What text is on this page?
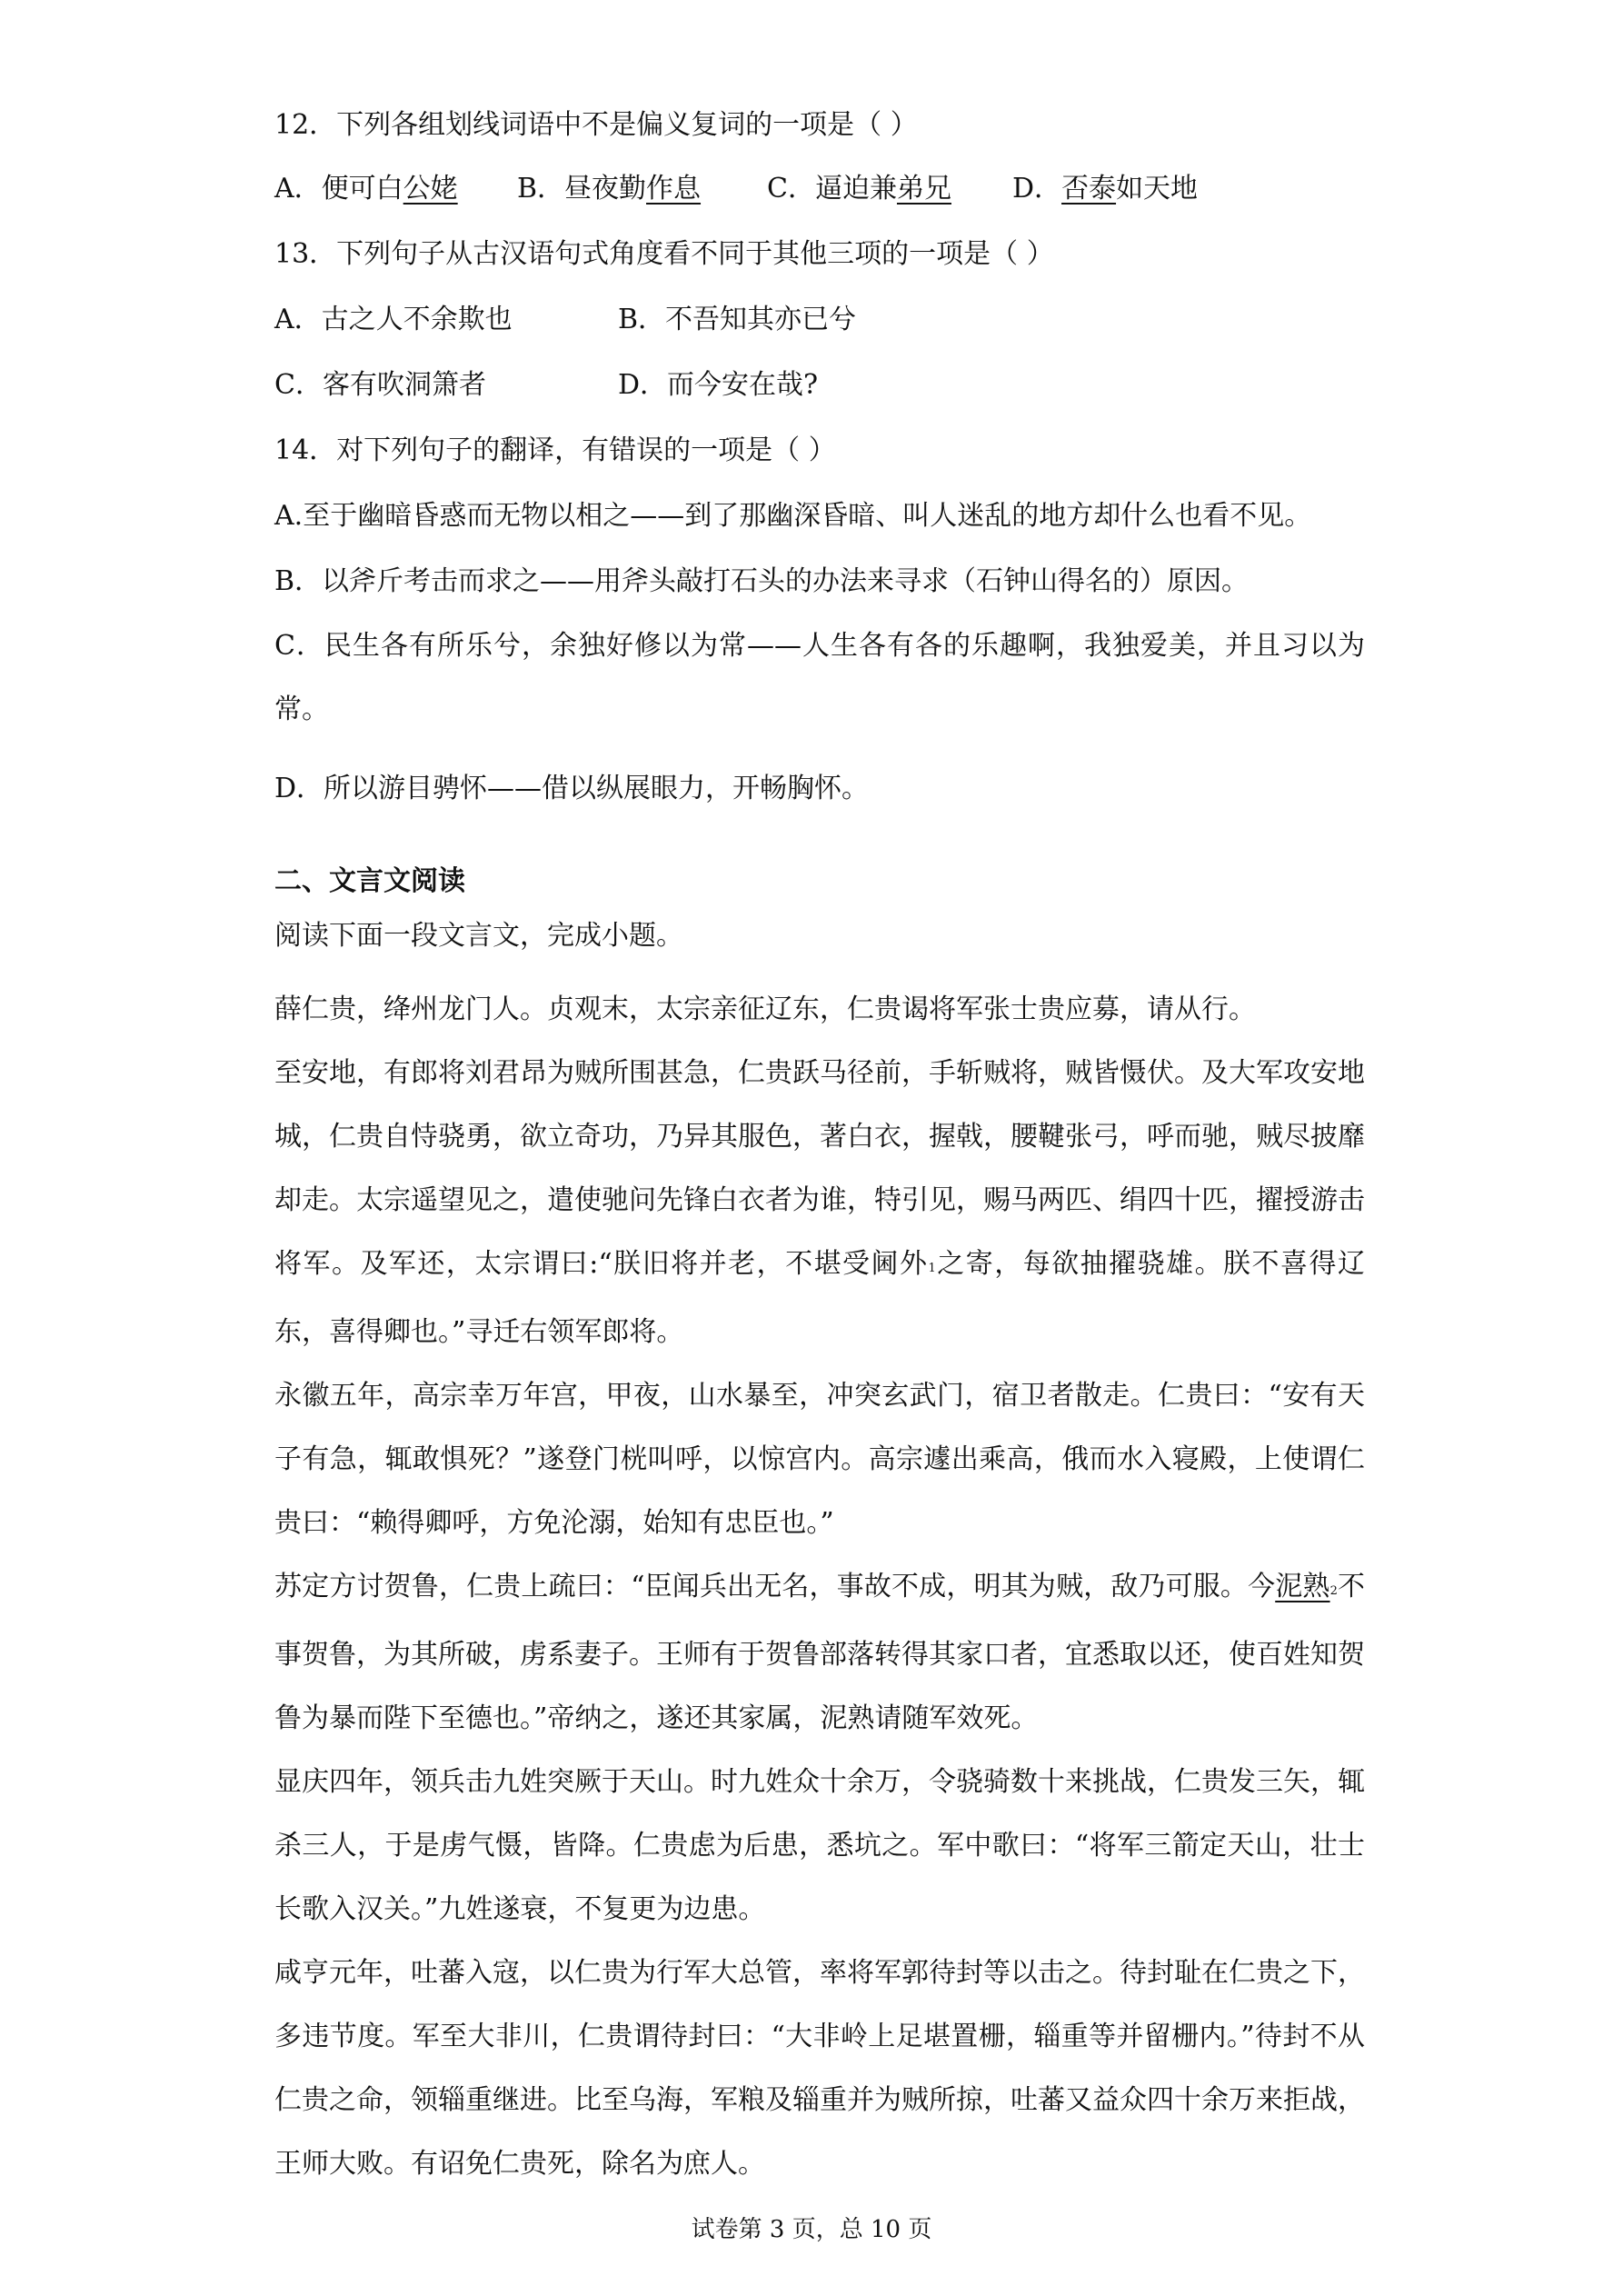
12．下列各组划线词语中不是偏义复词的一项是（ ）
A．便可白公姥	B．昼夜勤作息	C．逼迫兼弟兄	D．否泰如天地
13．下列句子从古汉语句式角度看不同于其他三项的一项是（ ）
A．古之人不余欺也	B．不吾知其亦已兮
C．客有吹洞箫者	D．而今安在哉?
14．对下列句子的翻译，有错误的一项是（ ）
A.至于幽暗昏惑而无物以相之——到了那幽深昏暗、叫人迷乱的地方却什么也看不见。
B．以斧斤考击而求之——用斧头敲打石头的办法来寻求（石钟山得名的）原因。
C．民生各有所乐兮，余独好修以为常——人生各有各的乐趣啊，我独爱美，并且习以为常。
D．所以游目骋怀——借以纵展眼力，开畅胸怀。
二、文言文阅读
阅读下面一段文言文，完成小题。
薛仁贵，绛州龙门人。贞观末，太宗亲征辽东，仁贵谒将军张士贵应募，请从行。
至安地，有郎将刘君昂为贼所围甚急，仁贵跃马径前，手斩贼将，贼皆慑伏。及大军攻安地城，仁贵自恃骁勇，欲立奇功，乃异其服色，著白衣，握戟，腰鞬张弓，呼而驰，贼尽披靡却走。太宗遥望见之，遣使驰问先锋白衣者为谁，特引见，赐马两匹、绢四十匹，擢授游击将军。及军还，太宗谓曰:“朕旧将并老，不堪受阃外1之寄，每欲抽擢骁雄。朕不喜得辽东，喜得卿也。”寻迁右领军郎将。
永徽五年，高宗幸万年宫，甲夜，山水暴至，冲突玄武门，宿卫者散走。仁贵曰：“安有天子有急，辄敢惧死？”遂登门桄叫呼，以惊宫内。高宗遽出乘高，俄而水入寝殿，上使谓仁贵曰：“赖得卿呼，方免沦溺，始知有忠臣也。”
苏定方讨贺鲁，仁贵上疏曰：“臣闻兵出无名，事故不成，明其为贼，敌乃可服。今泥熟2不事贺鲁，为其所破，虏系妻子。王师有于贺鲁部落转得其家口者，宜悉取以还，使百姓知贺鲁为暴而陛下至德也。”帝纳之，遂还其家属，泥熟请随军效死。
显庆四年，领兵击九姓突厥于天山。时九姓众十余万，令骁骑数十来挑战，仁贵发三矢，辄杀三人，于是虏气慑，皆降。仁贵虑为后患，悉坑之。军中歌曰：“将军三箭定天山，壮士长歌入汉关。”九姓遂衰，不复更为边患。
咸亨元年，吐蕃入寇，以仁贵为行军大总管，率将军郭待封等以击之。待封耻在仁贵之下，多违节度。军至大非川，仁贵谓待封曰：“大非岭上足堪置栅，辎重等并留栅内。”待封不从仁贵之命，领辎重继进。比至乌海，军粮及辎重并为贼所掠，吐蕃又益众四十余万来拒战，王师大败。有诏免仁贵死，除名为庶人。
试卷第 3 页，总 10 页
